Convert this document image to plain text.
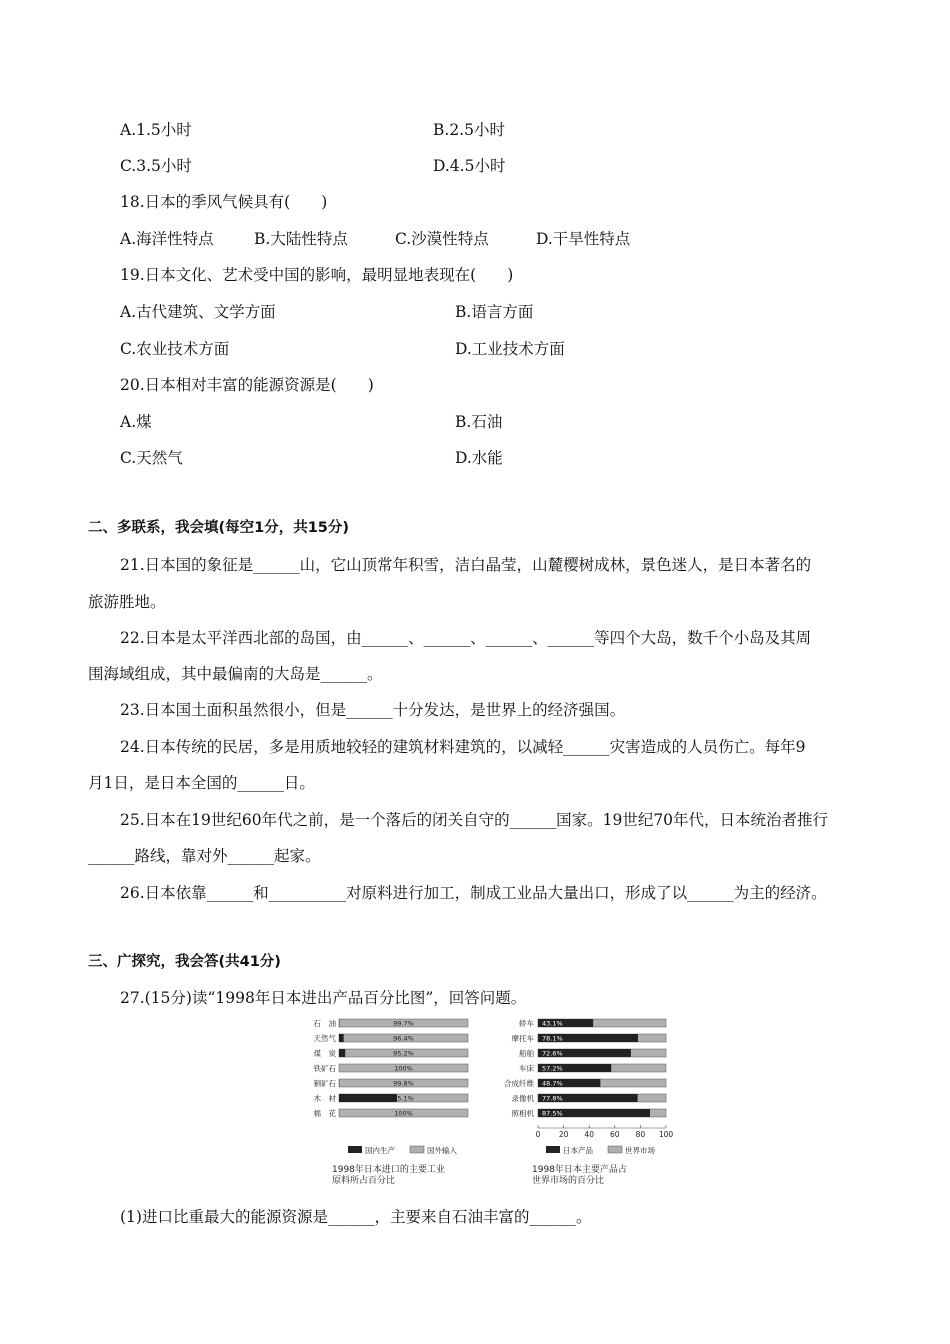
A.1.5小时	B.2.5小时
C.3.5小时	D.4.5小时
18.日本的季风气候具有(　　)
A.海洋性特点	B.大陆性特点	C.沙漠性特点	D.干旱性特点
19.日本文化、艺术受中国的影响，最明显地表现在(　　)
A.古代建筑、文学方面	B.语言方面
C.农业技术方面	D.工业技术方面
20.日本相对丰富的能源资源是(　　)
A.煤	B.石油
C.天然气	D.水能
二、多联系，我会填(每空1分，共15分)
21.日本国的象征是______山，它山顶常年积雪，洁白晶莹，山麓樱树成林，景色迷人，是日本著名的
旅游胜地。
22.日本是太平洋西北部的岛国，由______、______、______、______等四个大岛，数千个小岛及其周
围海域组成，其中最偏南的大岛是______。
23.日本国土面积虽然很小，但是______十分发达，是世界上的经济强国。
24.日本传统的民居，多是用质地较轻的建筑材料建筑的，以减轻______灾害造成的人员伤亡。每年9
月1日，是日本全国的______日。
25.日本在19世纪60年代之前，是一个落后的闭关自守的______国家。19世纪70年代，日本统治者推行
______路线，靠对外______起家。
26.日本依靠______和__________对原料进行加工，制成工业品大量出口，形成了以______为主的经济。
三、广探究，我会答(共41分)
27.(15分)读“1998年日本进出产品百分比图”，回答问题。
石　油	99.7%
天然气	96.4%
煤　炭	95.2%
铁矿石	100%
铜矿石	99.8%
木　材	55.1%
棉　花	100%
国内生产	国外输入
1998年日本进口的主要工业
原料所占百分比
轿车 43.1%
摩托车 78.1%
船舶 72.6%
车床 57.2%
合成纤维 48.7%
录像机 77.8%
照相机 87.5%
0 20 40 60 80 100
日本产品	世界市场
1998年日本主要产品占
世界市场的百分比
(1)进口比重最大的能源资源是______，主要来自石油丰富的______。
